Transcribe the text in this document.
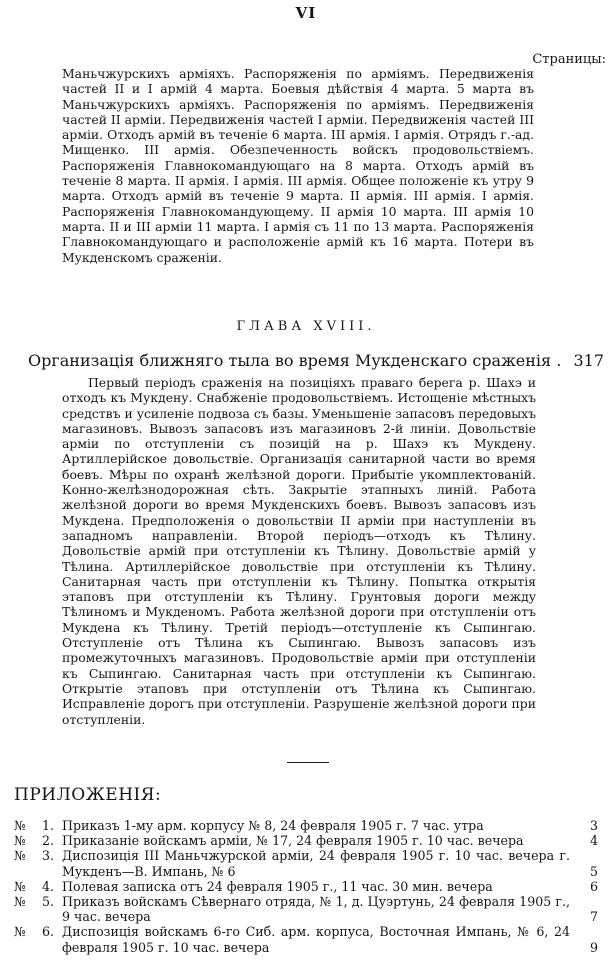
VI
Страницы:

Маньчжурскихъ арміяхъ. Распоряженія по арміямъ. Передвиженія частей II и I армій 4 марта. Боевыя дѣйствія 4 марта. 5 марта въ Маньчжурскихъ арміяхъ. Распоряженія по арміямъ. Передвиженія частей II арміи. Передвиженія частей I арміи. Передвиженія частей III арміи. Отходъ армій въ теченіе 6 марта. III армія. I армія. Отрядъ г.-ад. Мищенко. III армія. Обезпеченность войскъ продовольствіемъ. Распоряженія Главнокомандующаго на 8 марта. Отходъ армій въ теченіе 8 марта. II армія. I армія. III армія. Общее положеніе къ утру 9 марта. Отходъ армій въ теченіе 9 марта. II армія. III армія. I армія. Распоряженія Главнокомандующему. II армія 10 марта. III армія 10 марта. II и III арміи 11 марта. I армія съ 11 по 13 марта. Распоряженія Главнокомандующаго и расположеніе армій къ 16 марта. Потери въ Мукденскомъ сраженіи.

ГЛАВА XVIII.
Организація ближняго тыла во время Мукденскаго сраженія . 317

Первый періодъ сраженія на позиціяхъ праваго берега р. Шахэ и отходъ къ Мукдену. Снабженіе продовольствіемъ. Истощеніе мѣстныхъ средствъ и усиленіе подвоза съ базы. Уменьшеніе запасовъ передовыхъ магазиновъ. Вывозъ запасовъ изъ магазиновъ 2-й линіи. Довольствіе арміи по отступленіи съ позицій на р. Шахэ къ Мукдену. Артиллерійское довольствіе. Организація санитарной части во время боевъ. Мѣры по охранѣ желѣзной дороги. Прибытіе укомплектованій. Конно-желѣзнодорожная сѣть. Закрытіе этапныхъ линій. Работа желѣзной дороги во время Мукденскихъ боевъ. Вывозъ запасовъ изъ Мукдена. Предположенія о довольствіи II арміи при наступленіи въ западномъ направленіи. Второй періодъ—отходъ къ Тѣлину. Довольствіе армій при отступленіи къ Тѣлину. Довольствіе армій у Тѣлина. Артиллерійское довольствіе при отступленіи къ Тѣлину. Санитарная часть при отступленіи къ Тѣлину. Попытка открытія этаповъ при отступленіи къ Тѣлину. Грунтовыя дороги между Тѣлиномъ и Мукденомъ. Работа желѣзной дороги при отступленіи отъ Мукдена къ Тѣлину. Третій періодъ—отступленіе къ Сыпингаю. Отступленіе отъ Тѣлина къ Сыпингаю. Вывозъ запасовъ изъ промежуточныхъ магазиновъ. Продовольствіе арміи при отступленіи къ Сыпингаю. Санитарная часть при отступленіи къ Сыпингаю. Открытіе этаповъ при отступленіи отъ Тѣлина къ Сыпингаю. Исправленіе дорогъ при отступленіи. Разрушеніе желѣзной дороги при отступленіи.

ПРИЛОЖЕНІЯ:
№ 1. Приказъ 1-му арм. корпусу № 8, 24 февраля 1905 г. 7 час. утра	3
№ 2. Приказаніе войскамъ арміи, № 17, 24 февраля 1905 г. 10 час. вечера	4
№ 3. Диспозиція III Маньчжурской арміи, 24 февраля 1905 г. 10 час. вечера г. Мукденъ—В. Импань, № 6	5
№ 4. Полевая записка отъ 24 февраля 1905 г., 11 час. 30 мин. вечера	6
№ 5. Приказъ войскамъ Сѣвернаго отряда, № 1, д. Цуэртунь, 24 февраля 1905 г., 9 час. вечера	7
№ 6. Диспозиція войскамъ 6-го Сиб. арм. корпуса, Восточная Импань, № 6, 24 февраля 1905 г. 10 час. вечера	9
